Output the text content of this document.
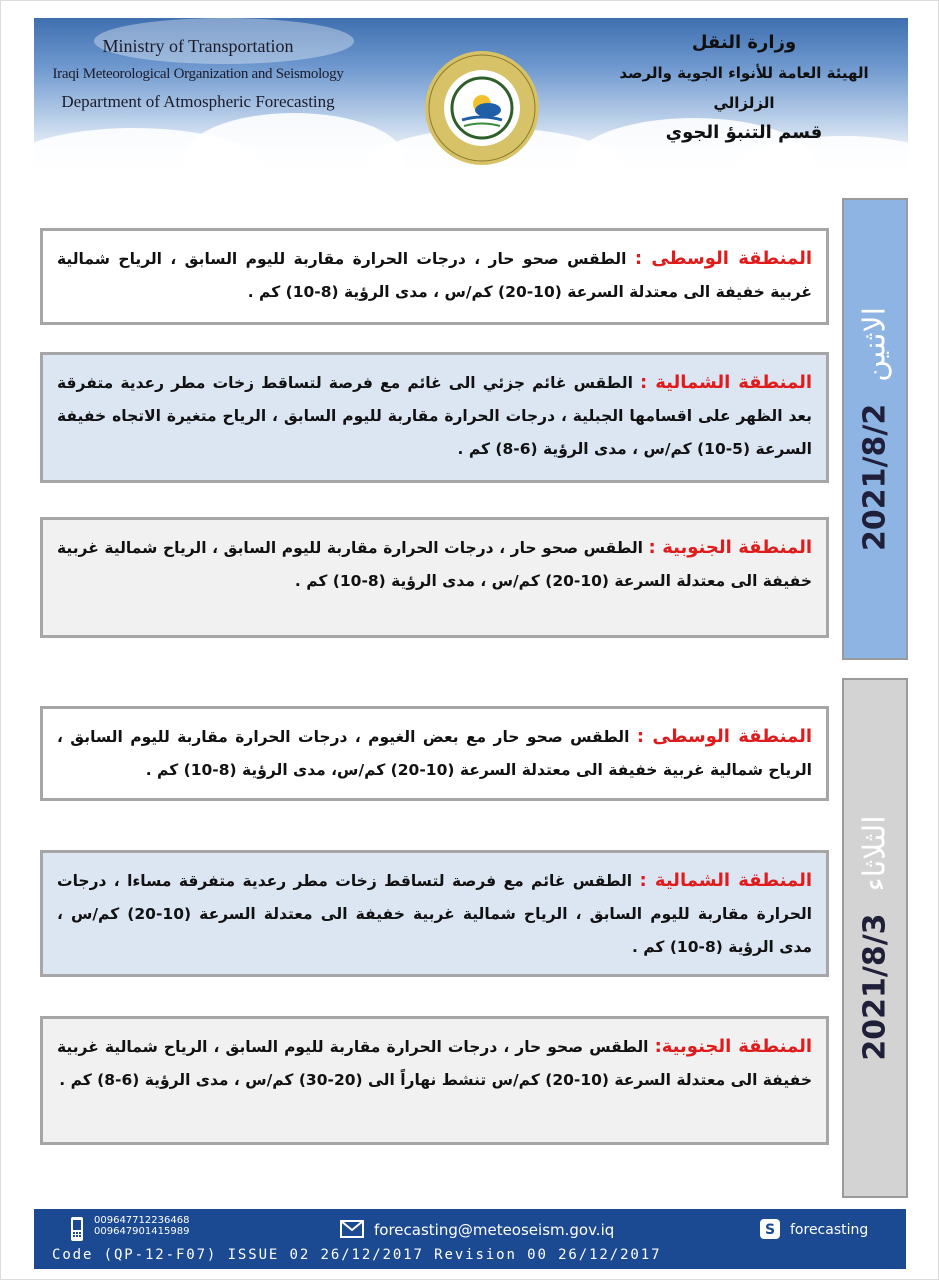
Ministry of Transportation
Iraqi Meteorological Organization and Seismology
Department of Atmospheric Forecasting
وزارة النقل
الهيئة العامة للأنواء الجوية والرصد الزلزالي
قسم التنبؤ الجوي
2021/8/2الاثنين
2021/8/3الثلاثاء
المنطقة الوسطى : الطقس صحو حار ، درجات الحرارة مقاربة لليوم السابق ، الرياح شمالية غربية خفيفة الى معتدلة السرعة (10-20) كم/س ، مدى الرؤية (8-10) كم .
المنطقة الشمالية : الطقس غائم جزئي الى غائم مع فرصة لتساقط زخات مطر رعدية متفرقة بعد الظهر على اقسامها الجبلية ، درجات الحرارة مقاربة لليوم السابق ، الرياح متغيرة الاتجاه خفيفة السرعة (5-10) كم/س ، مدى الرؤية (6-8) كم .
المنطقة الجنوبية : الطقس صحو حار ، درجات الحرارة مقاربة لليوم السابق ، الرياح شمالية غربية خفيفة الى معتدلة السرعة (10-20) كم/س ، مدى الرؤية (8-10) كم .
المنطقة الوسطى : الطقس صحو حار مع بعض الغيوم ، درجات الحرارة مقاربة لليوم السابق ، الرياح شمالية غربية خفيفة الى معتدلة السرعة (10-20) كم/س، مدى الرؤية (8-10) كم .
المنطقة الشمالية : الطقس غائم مع فرصة لتساقط زخات مطر رعدية متفرقة مساءا ، درجات الحرارة مقاربة لليوم السابق ، الرياح شمالية غربية خفيفة الى معتدلة السرعة (10-20) كم/س ، مدى الرؤية (8-10) كم .
المنطقة الجنوبية: الطقس صحو حار ، درجات الحرارة مقاربة لليوم السابق ، الرياح شمالية غربية خفيفة الى معتدلة السرعة (10-20) كم/س تنشط نهاراً الى (20-30) كم/س ، مدى الرؤية (6-8) كم .
009647712236468
009647901415989	forecasting@meteoseism.gov.iq	S forecasting
Code (QP-12-F07) ISSUE 02 26/12/2017 Revision 00 26/12/2017
